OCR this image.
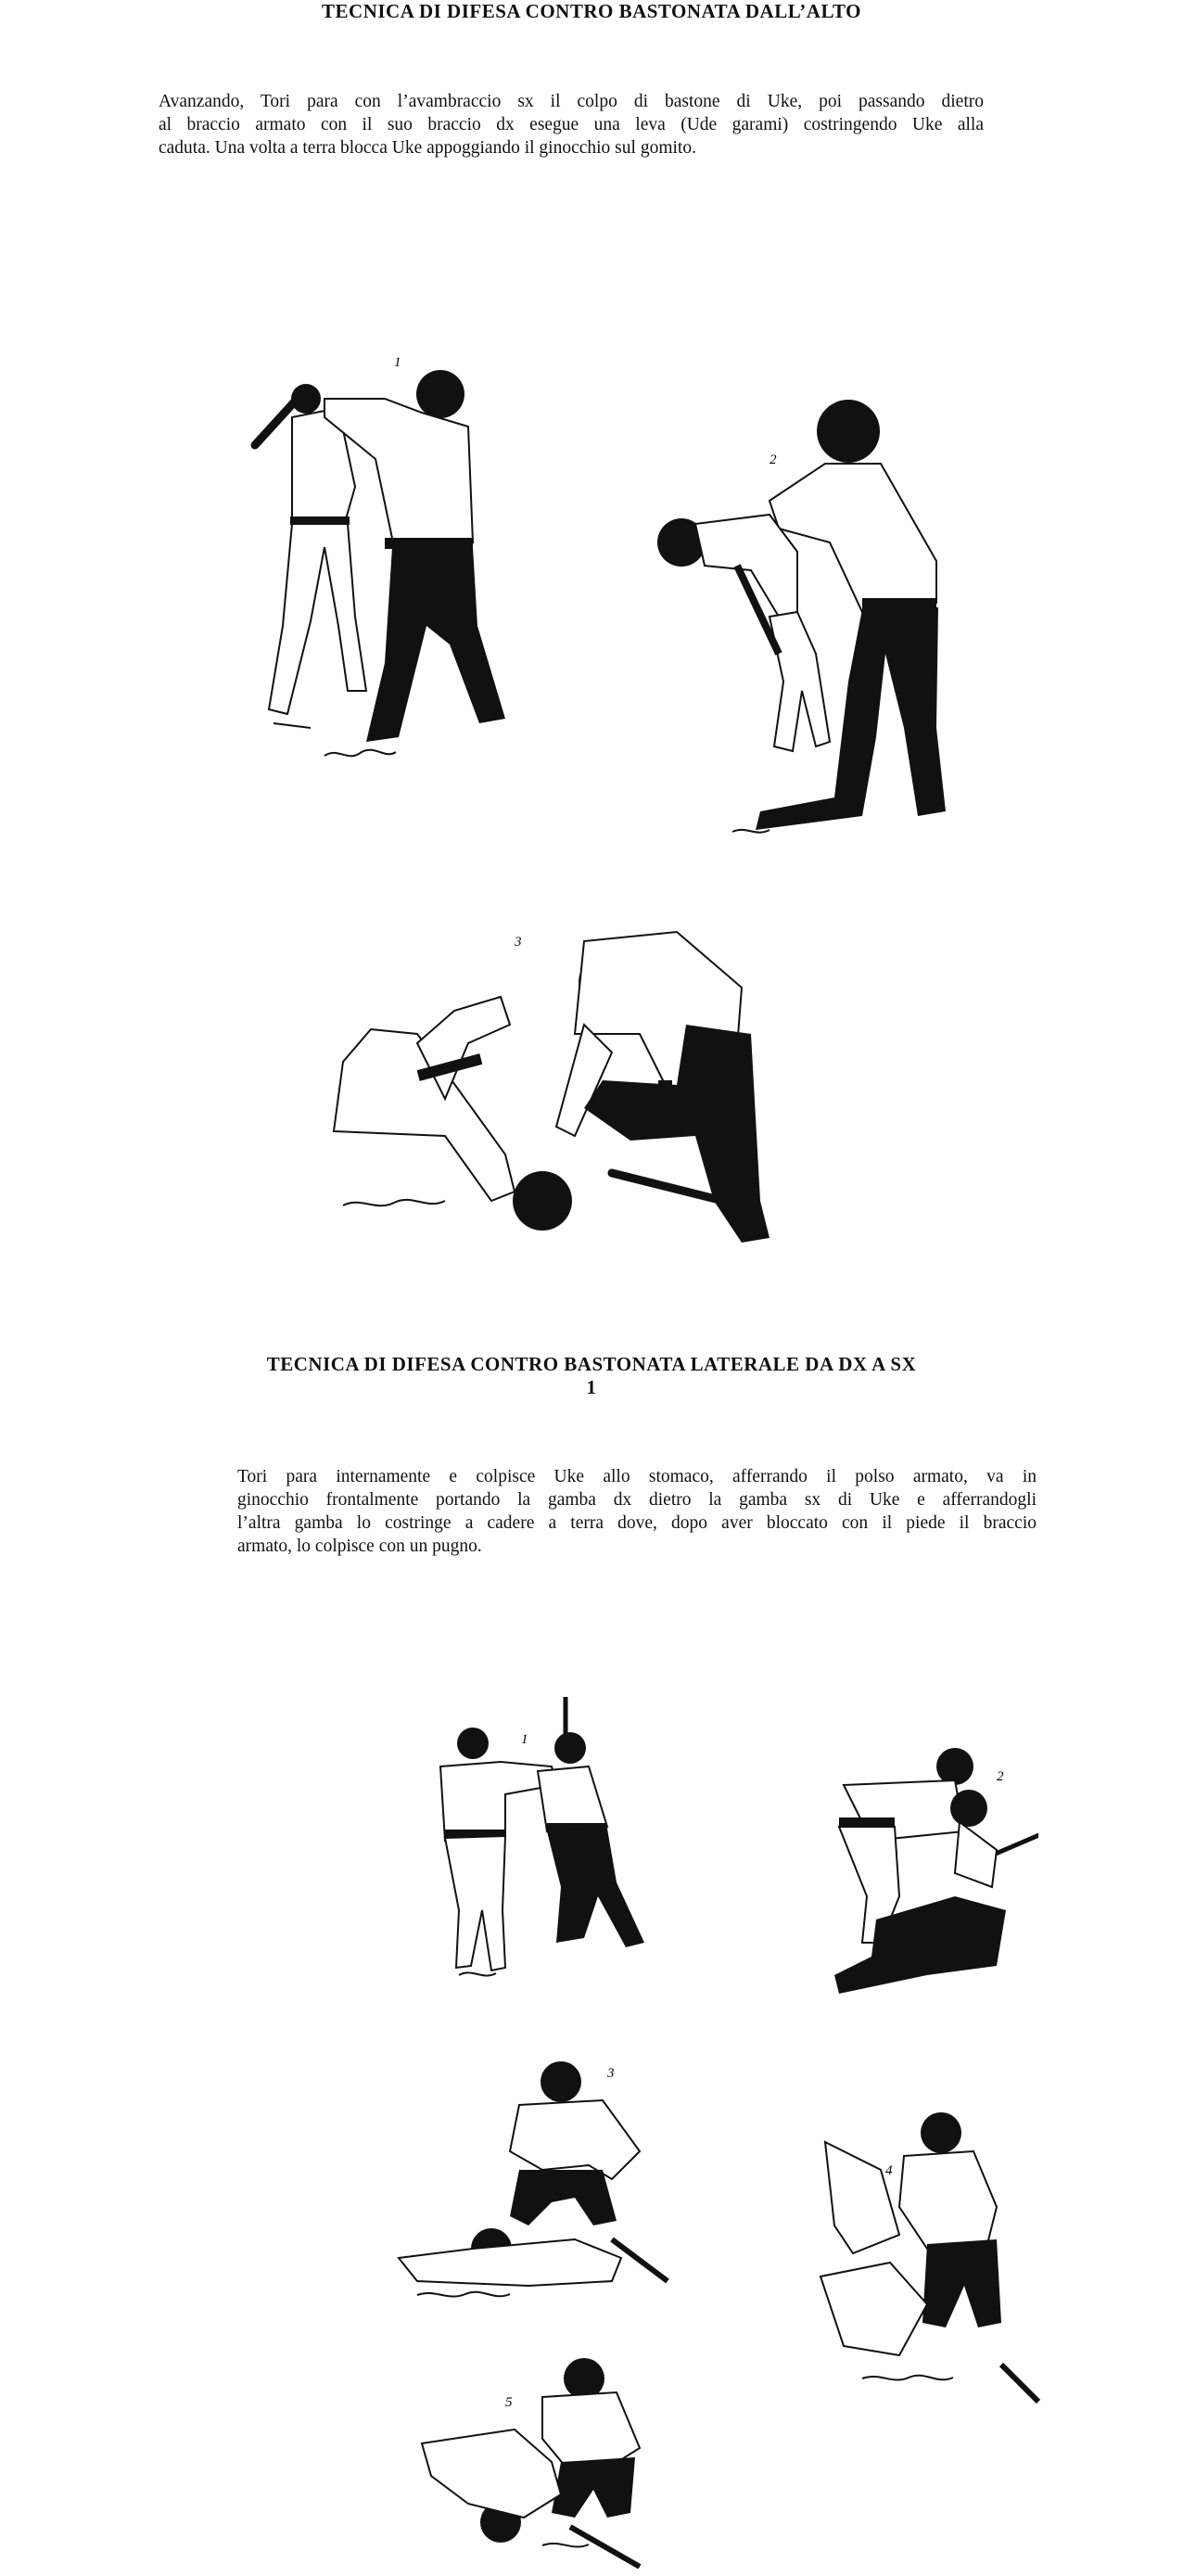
TECNICA DI DIFESA CONTRO BASTONATA DALL’ALTO
Avanzando, Tori para con l’avambraccio sx il colpo di bastone di Uke, poi passando dietro
al braccio armato con il suo braccio dx esegue una leva (Ude garami) costringendo Uke alla
caduta. Una volta a terra blocca Uke appoggiando il ginocchio sul gomito.
1
2
3
TECNICA DI DIFESA CONTRO BASTONATA LATERALE DA DX A SX
1
Tori para internamente e colpisce Uke allo stomaco, afferrando il polso armato, va in
ginocchio frontalmente portando la gamba dx dietro la gamba sx di Uke e afferrandogli
l’altra gamba lo costringe a cadere a terra dove, dopo aver bloccato con il piede il braccio
armato, lo colpisce con un pugno.
1
2
3
4
5
